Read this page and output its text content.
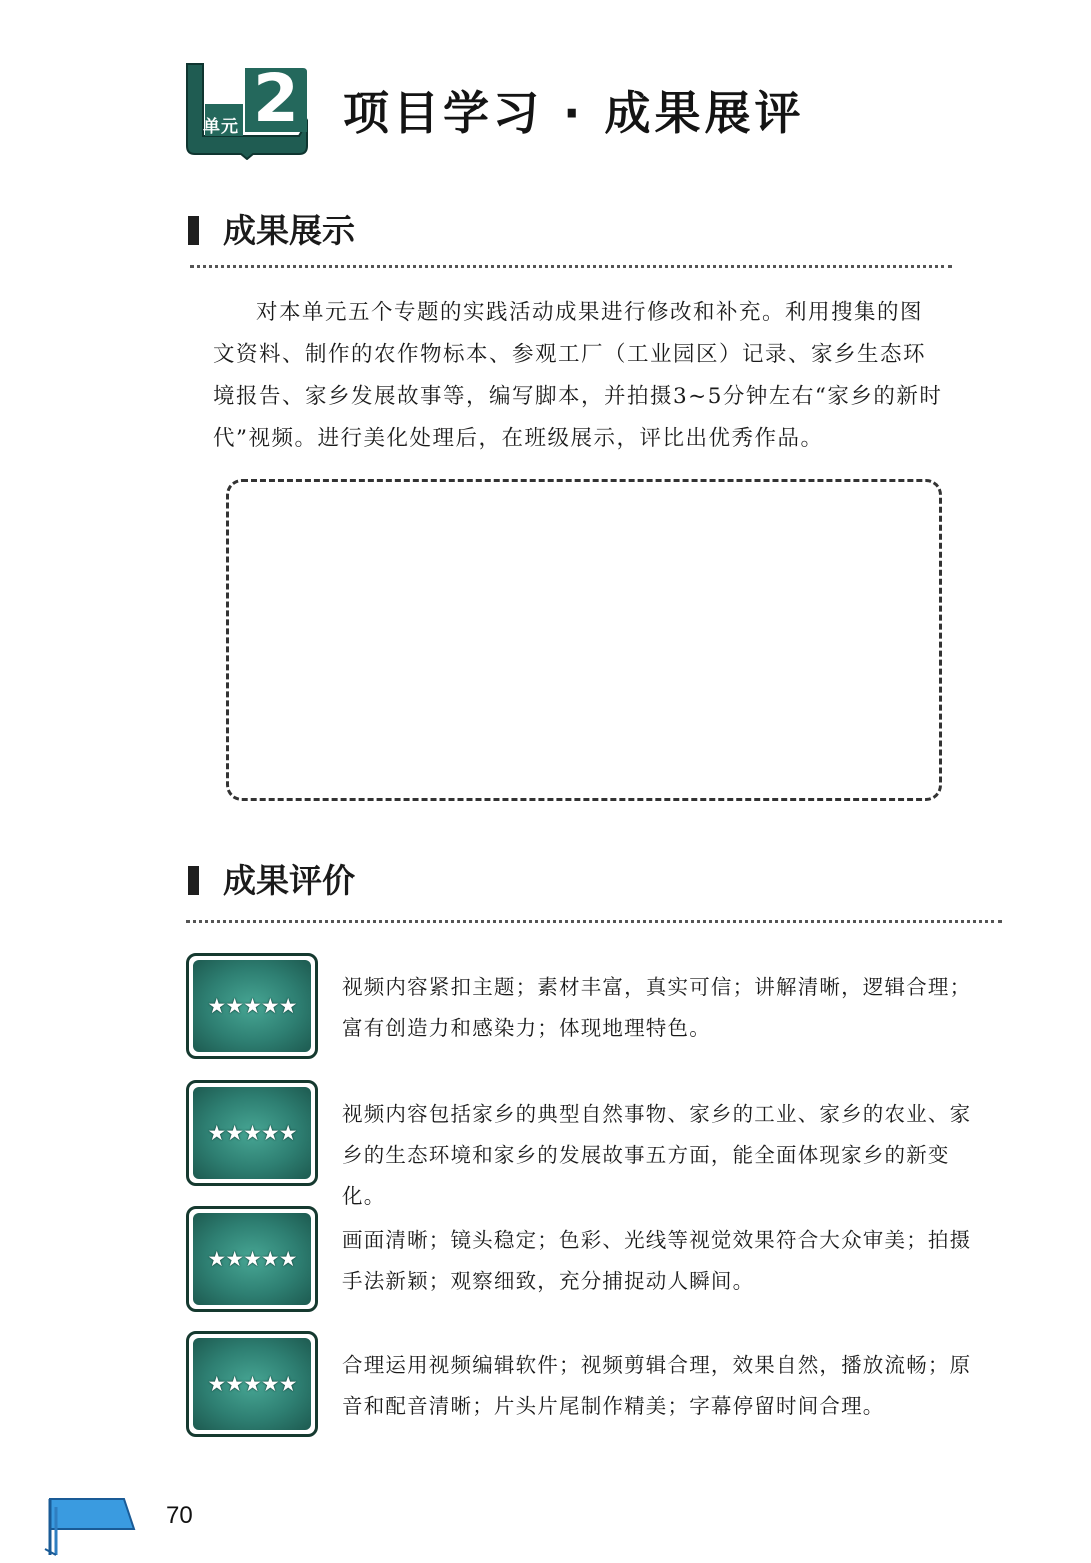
单元 2 项目学习 · 成果展评
成果展示

对本单元五个专题的实践活动成果进行修改和补充。利用搜集的图文资料、制作的农作物标本、参观工厂（工业园区）记录、家乡生态环境报告、家乡发展故事等，编写脚本，并拍摄3~5分钟左右“家乡的新时代”视频。进行美化处理后，在班级展示，评比出优秀作品。

成果评价
★★★★★

视频内容紧扣主题；素材丰富，真实可信；讲解清晰，逻辑合理；富有创造力和感染力；体现地理特色。

★★★★★

视频内容包括家乡的典型自然事物、家乡的工业、家乡的农业、家乡的生态环境和家乡的发展故事五方面，能全面体现家乡的新变化。

★★★★★

画面清晰；镜头稳定；色彩、光线等视觉效果符合大众审美；拍摄手法新颖；观察细致，充分捕捉动人瞬间。

★★★★★

合理运用视频编辑软件；视频剪辑合理，效果自然，播放流畅；原音和配音清晰；片头片尾制作精美；字幕停留时间合理。

70
